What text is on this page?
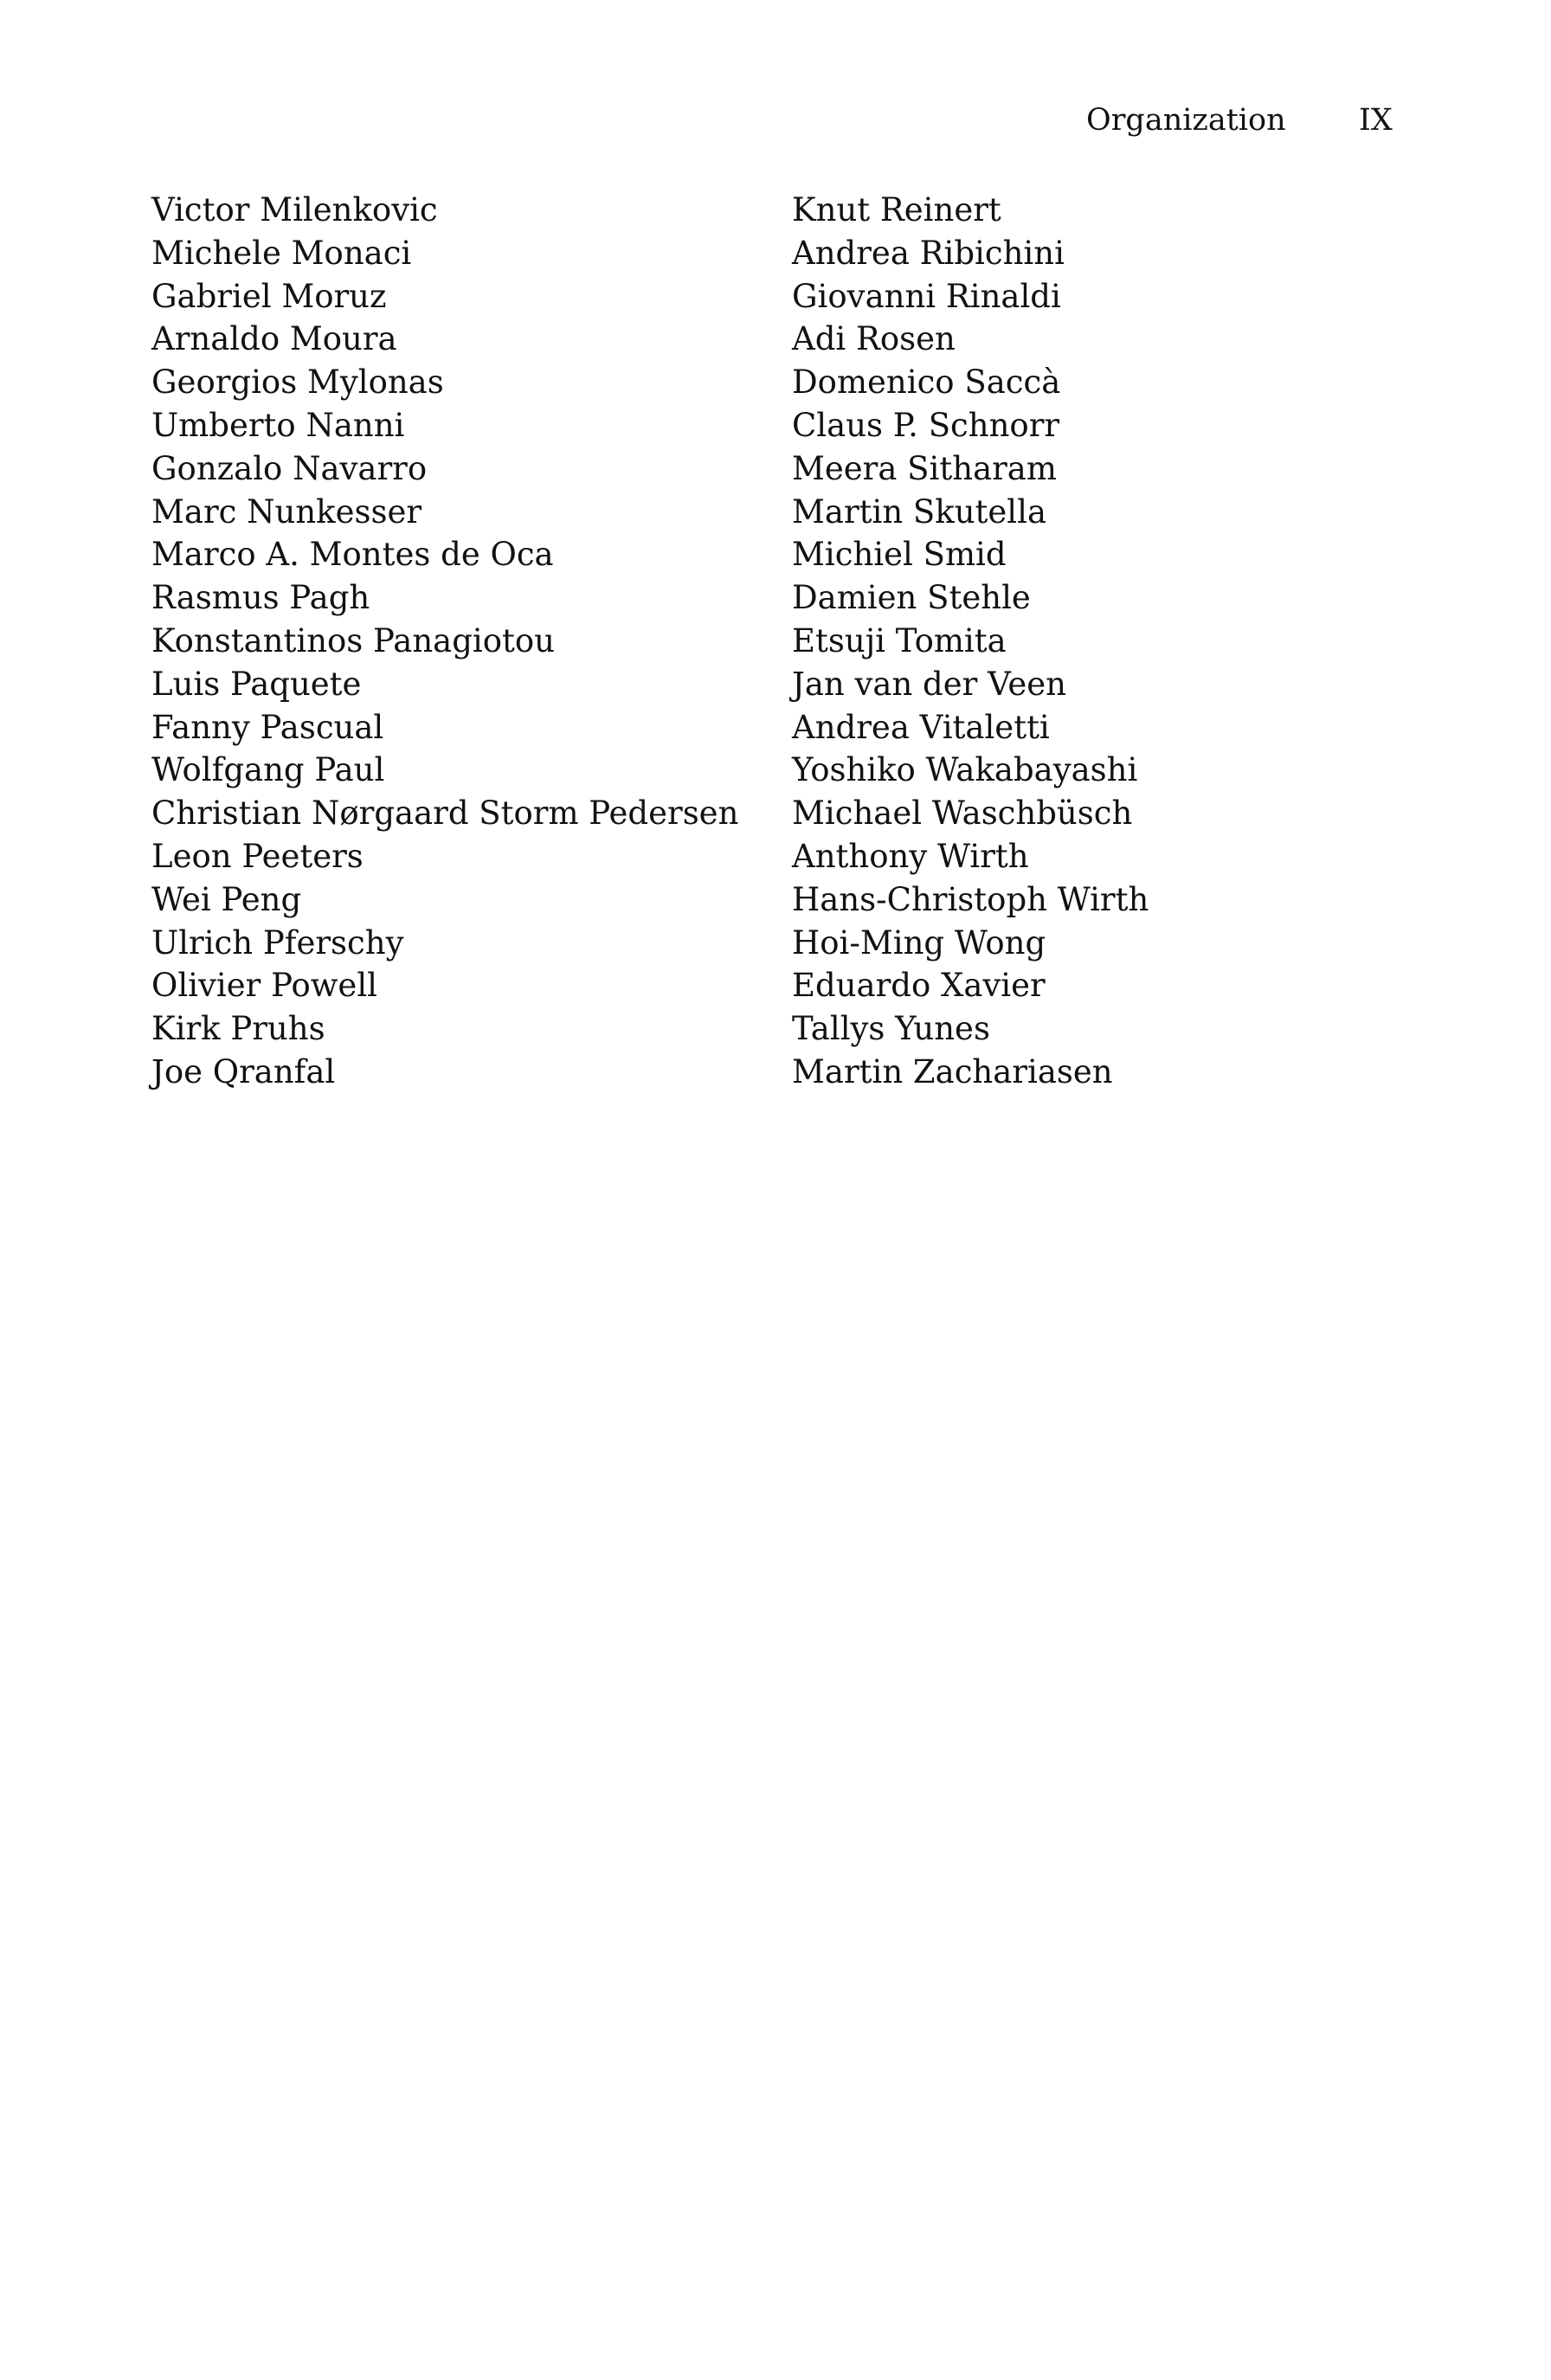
Organization IX
Victor Milenkovic
Michele Monaci
Gabriel Moruz
Arnaldo Moura
Georgios Mylonas
Umberto Nanni
Gonzalo Navarro
Marc Nunkesser
Marco A. Montes de Oca
Rasmus Pagh
Konstantinos Panagiotou
Luis Paquete
Fanny Pascual
Wolfgang Paul
Christian Nørgaard Storm Pedersen
Leon Peeters
Wei Peng
Ulrich Pferschy
Olivier Powell
Kirk Pruhs
Joe Qranfal
Knut Reinert
Andrea Ribichini
Giovanni Rinaldi
Adi Rosen
Domenico Saccà
Claus P. Schnorr
Meera Sitharam
Martin Skutella
Michiel Smid
Damien Stehle
Etsuji Tomita
Jan van der Veen
Andrea Vitaletti
Yoshiko Wakabayashi
Michael Waschbüsch
Anthony Wirth
Hans-Christoph Wirth
Hoi-Ming Wong
Eduardo Xavier
Tallys Yunes
Martin Zachariasen
